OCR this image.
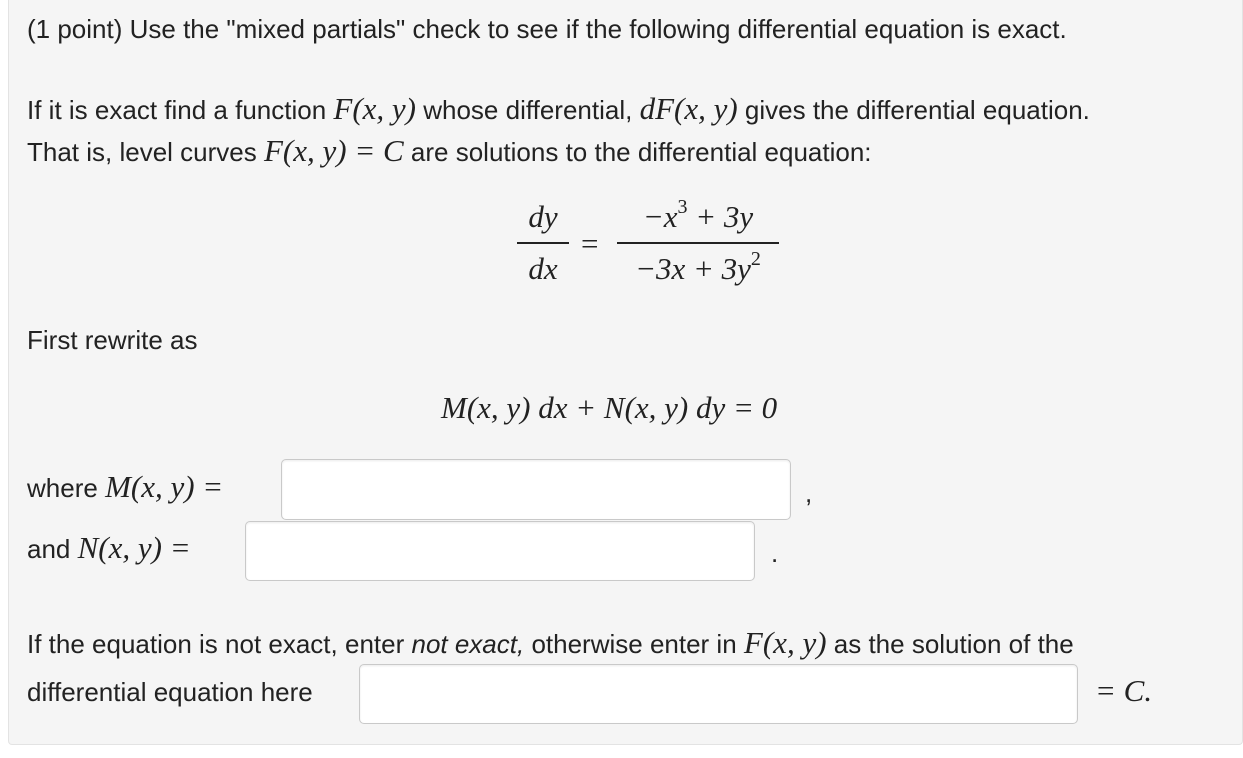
(1 point) Use the "mixed partials" check to see if the following differential equation is exact.
If it is exact find a function F(x, y) whose differential, dF(x, y) gives the differential equation.
That is, level curves F(x, y) = C are solutions to the differential equation:
dy
dx
=
$-x^3 + 3y$
$-3x + 3y^2$
First rewrite as
M(x, y) dx + N(x, y) dy = 0
where M(x, y) =	,
and N(x, y) =	.
If the equation is not exact, enter not exact, otherwise enter in F(x, y) as the solution of the
differential equation here	= C.
